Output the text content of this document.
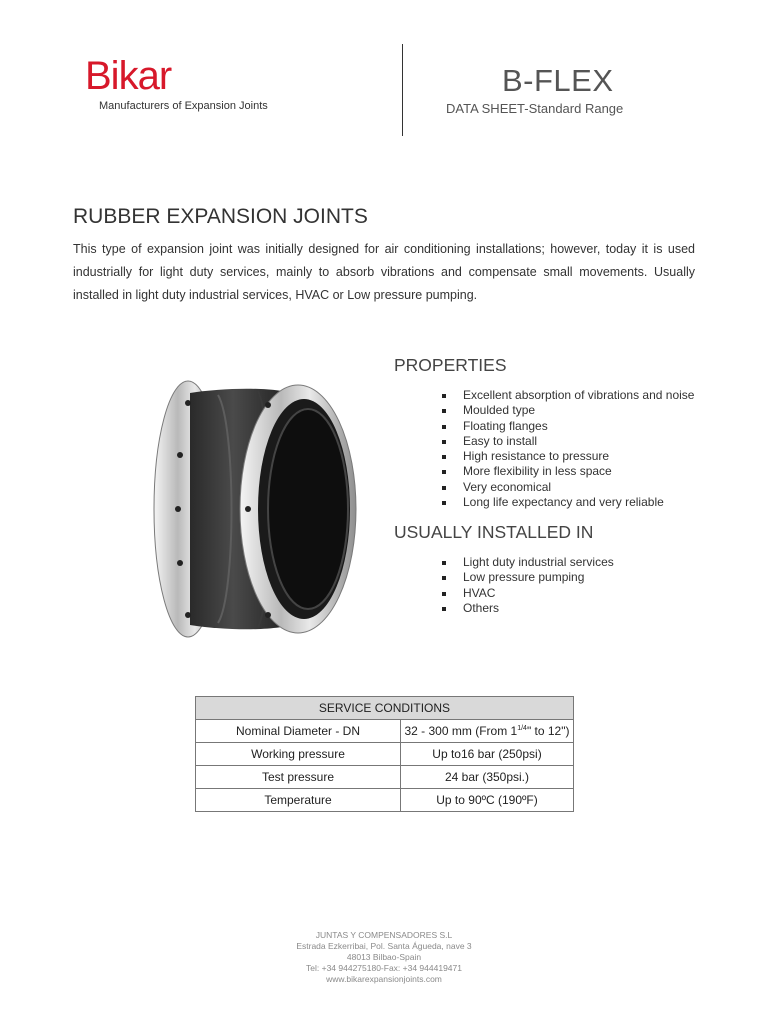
Bikar
Manufacturers of Expansion Joints
B-FLEX
DATA SHEET-Standard Range
RUBBER EXPANSION JOINTS

This type of expansion joint was initially designed for air conditioning installations; however, today it is used industrially for light duty services, mainly to absorb vibrations and compensate small movements. Usually installed in light duty industrial services, HVAC or Low pressure pumping.

PROPERTIES
Excellent absorption of vibrations and noise
Moulded type
Floating flanges
Easy to install
High resistance to pressure
More flexibility in less space
Very economical
Long life expectancy and very reliable
USUALLY INSTALLED IN
Light duty industrial services
Low pressure pumping
HVAC
Others
SERVICE CONDITIONS	
Nominal Diameter - DN	32 - 300 mm (From $1^{1/4}$" to 12")
Working pressure	Up to16 bar (250psi)
Test pressure	24 bar (350psi.)
Temperature	Up to 90ºC (190ºF)
JUNTAS Y COMPENSADORES S.L
Estrada Ezkerribai, Pol. Santa Águeda, nave 3
48013 Bilbao-Spain
Tel: +34 944275180-Fax: +34 944419471
www.bikarexpansionjoints.com
